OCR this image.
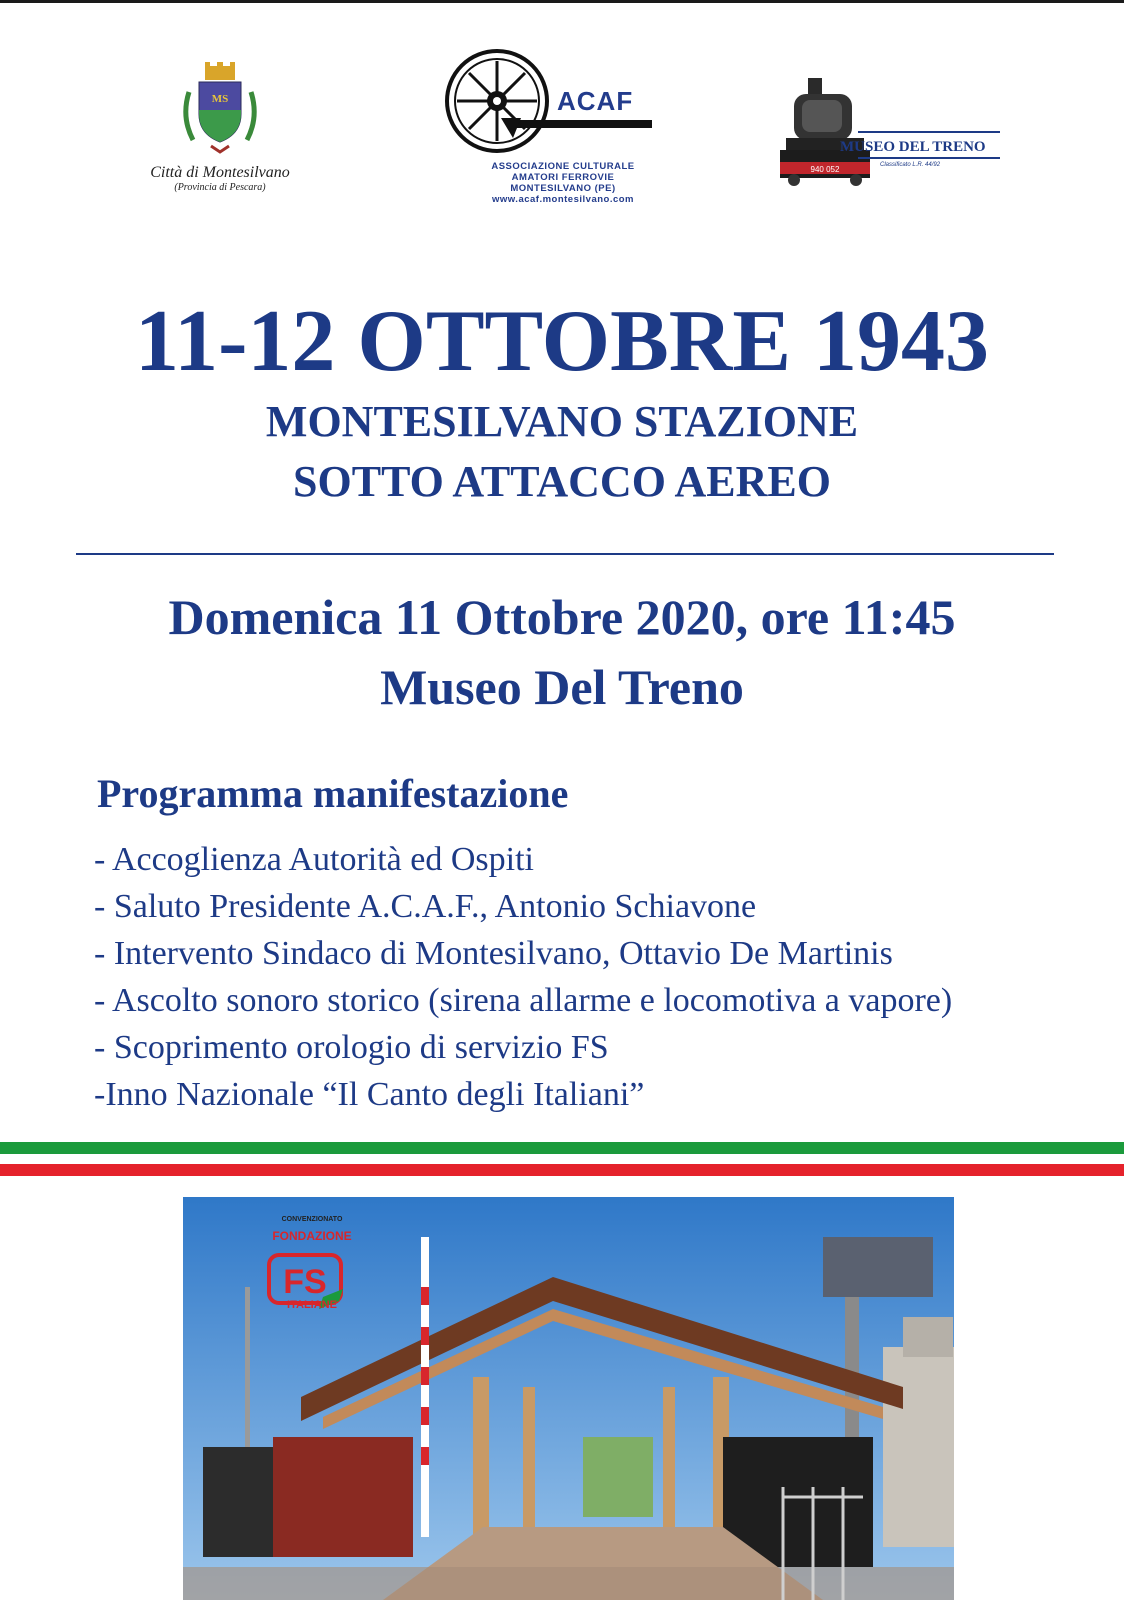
MS
Città di Montesilvano
(Provincia di Pescara)
ACAF
ASSOCIAZIONE CULTURALE
AMATORI FERROVIE
MONTESILVANO (PE)
www.acaf.montesilvano.com
940 052
MUSEO DEL TRENO
Classificato L.R. 44/92
11-12 OTTOBRE 1943
MONTESILVANO STAZIONE
SOTTO ATTACCO AEREO
Domenica 11 Ottobre 2020, ore 11:45
Museo Del Treno
Programma manifestazione
- Accoglienza Autorità ed Ospiti
- Saluto Presidente A.C.A.F., Antonio Schiavone
- Intervento Sindaco di Montesilvano, Ottavio De Martinis
- Ascolto sonoro storico (sirena allarme e locomotiva a vapore)
- Scoprimento orologio di servizio FS
-Inno Nazionale “Il Canto degli Italiani”
FS
CONVENZIONATO
FONDAZIONE
ITALIANE
